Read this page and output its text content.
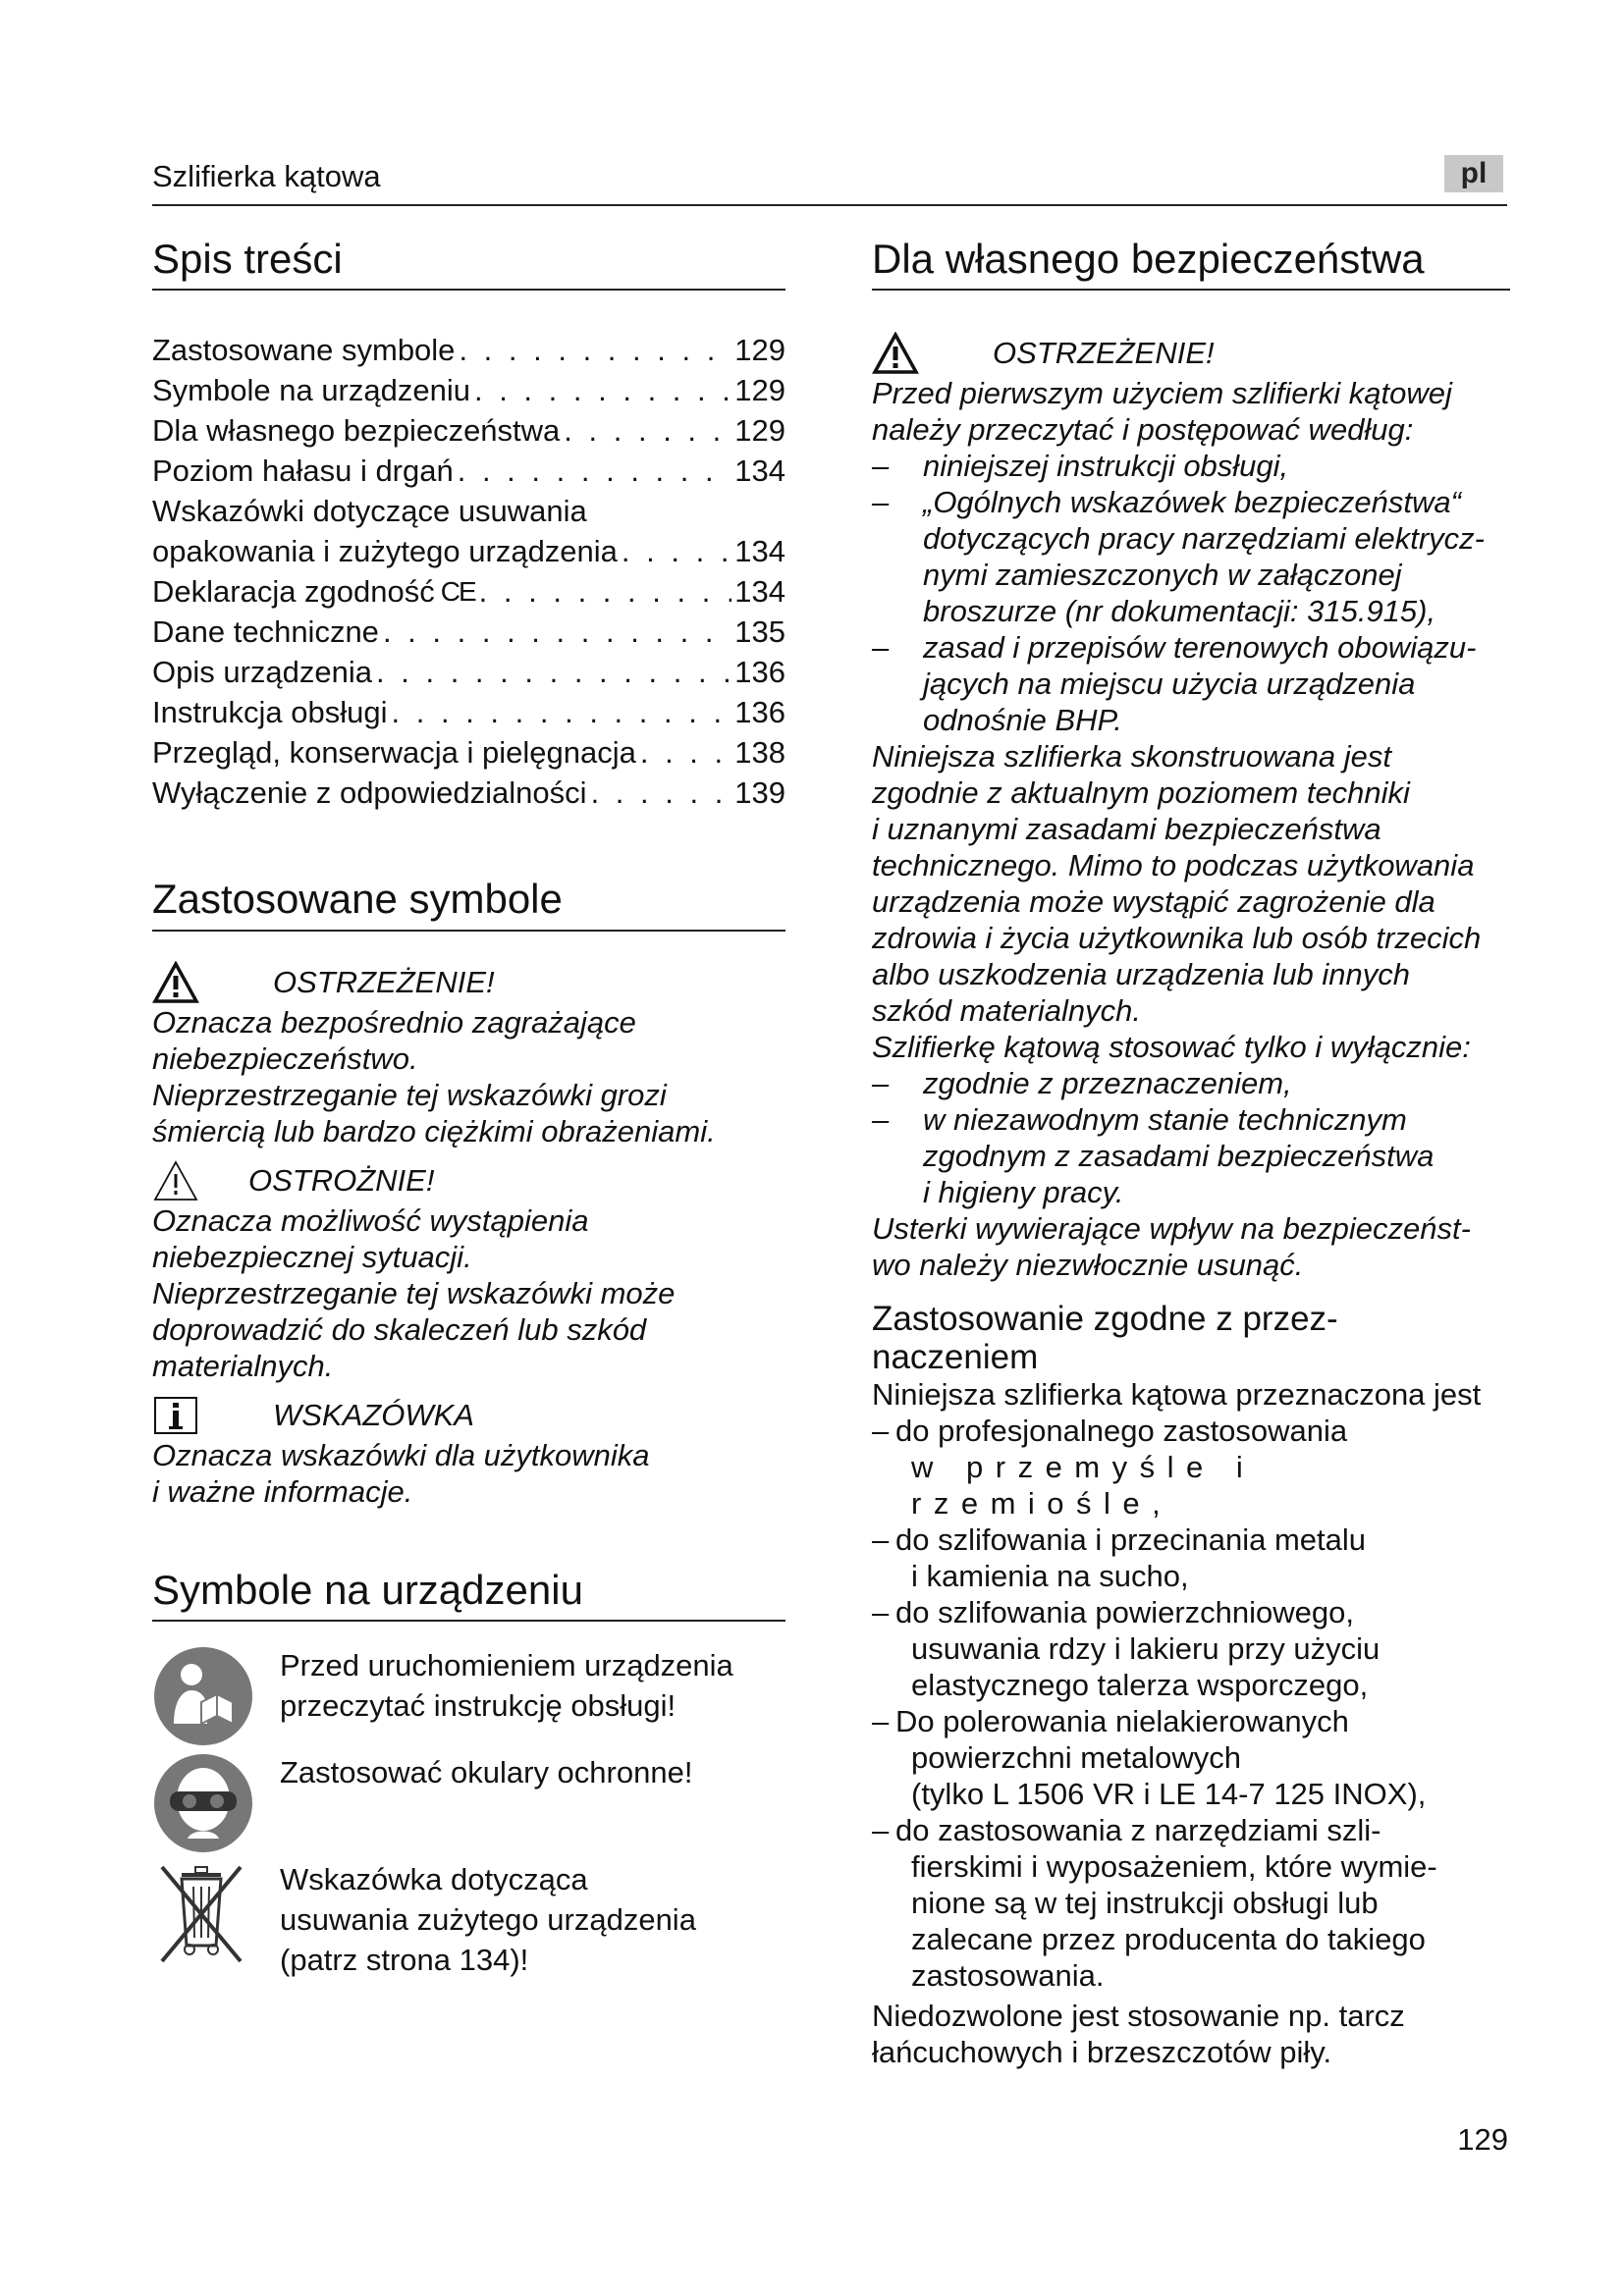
Szlifierka kątowa	pl
Spis treści
Zastosowane symbole . . .	129
Symbole na urządzeniu . . .	129
Dla własnego bezpieczeństwa . . .	129
Poziom hałasu i drgań . . .	134
Wskazówki dotyczące usuwania
opakowania i zużytego urządzenia . . .	134
Deklaracja zgodność CE . . .	134
Dane techniczne . . .	135
Opis urządzenia . . .	136
Instrukcja obsługi . . .	136
Przegląd, konserwacja i pielęgnacja . . .	138
Wyłączenie z odpowiedzialności . . .	139
Zastosowane symbole
OSTRZEŻENIE!
Oznacza bezpośrednio zagrażające
niebezpieczeństwo.
Nieprzestrzeganie tej wskazówki grozi
śmiercią lub bardzo ciężkimi obrażeniami.
OSTROŻNIE!
Oznacza możliwość wystąpienia
niebezpiecznej sytuacji.
Nieprzestrzeganie tej wskazówki może
doprowadzić do skaleczeń lub szkód
materialnych.
WSKAZÓWKA
Oznacza wskazówki dla użytkownika
i ważne informacje.
Symbole na urządzeniu
Przed uruchomieniem urządzenia
przeczytać instrukcję obsługi!
Zastosować okulary ochronne!
Wskazówka dotycząca
usuwania zużytego urządzenia
(patrz strona 134)!
Dla własnego bezpieczeństwa
OSTRZEŻENIE!
Przed pierwszym użyciem szlifierki kątowej
należy przeczytać i postępować według:
–	niniejszej instrukcji obsługi,
–	„Ogólnych wskazówek bezpieczeństwa“
dotyczących pracy narzędziami elektrycz-
nymi zamieszczonych w załączonej
broszurze (nr dokumentacji: 315.915),
–	zasad i przepisów terenowych obowiązu-
jących na miejscu użycia urządzenia
odnośnie BHP.
Niniejsza szlifierka skonstruowana jest
zgodnie z aktualnym poziomem techniki
i uznanymi zasadami bezpieczeństwa
technicznego. Mimo to podczas użytkowania
urządzenia może wystąpić zagrożenie dla
zdrowia i życia użytkownika lub osób trzecich
albo uszkodzenia urządzenia lub innych
szkód materialnych.
Szlifierkę kątową stosować tylko i wyłącznie:
–	zgodnie z przeznaczeniem,
–	w niezawodnym stanie technicznym
zgodnym z zasadami bezpieczeństwa
i higieny pracy.
Usterki wywierające wpływ na bezpieczeńst-
wo należy niezwłocznie usunąć.
Zastosowanie zgodne z przez-
naczeniem
Niniejsza szlifierka kątowa przeznaczona jest
– do profesjonalnego zastosowania
w przemyśle i rzemiośle,
– do szlifowania i przecinania metalu
i kamienia na sucho,
– do szlifowania powierzchniowego,
usuwania rdzy i lakieru przy użyciu
elastycznego talerza wsporczego,
– Do polerowania nielakierowanych
powierzchni metalowych
(tylko L 1506 VR i LE 14-7 125 INOX),
– do zastosowania z narzędziami szli-
fierskimi i wyposażeniem, które wymie-
nione są w tej instrukcji obsługi lub
zalecane przez producenta do takiego
zastosowania.
Niedozwolone jest stosowanie np. tarcz
łańcuchowych i brzeszczotów piły.
129
